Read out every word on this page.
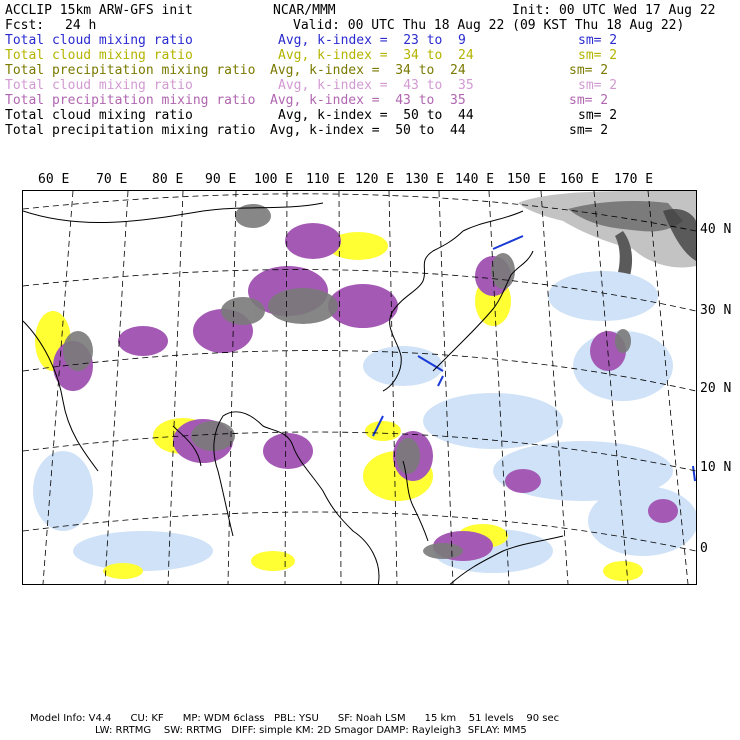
ACCLIP 15km ARW-GFS init	NCAR/MMM	Init: 00 UTC Wed 17 Aug 22
Fcst: 24 h	Valid: 00 UTC Thu 18 Aug 22 (09 KST Thu 18 Aug 22)
Total cloud mixing ratio	Avg, k-index =  23 to  9	sm= 2
Total cloud mixing ratio	Avg, k-index =  34 to  24	sm= 2
Total precipitation mixing ratio Avg, k-index =  34 to  24	sm= 2
Total cloud mixing ratio	Avg, k-index =  43 to  35	sm= 2
Total precipitation mixing ratio Avg, k-index =  43 to  35	sm= 2
Total cloud mixing ratio	Avg, k-index =  50 to  44	sm= 2
Total precipitation mixing ratio Avg, k-index =  50 to  44	sm= 2
60 E 70 E 80 E 90 E 100 E 110 E 120 E 130 E 140 E 150 E 160 E 170 E
40 N
30 N
20 N
10 N
0
Model Info: V4.4      CU: KF      MP: WDM 6class   PBL: YSU      SF: Noah LSM      15 km    51 levels    90 sec
LW: RRTMG    SW: RRTMG   DIFF: simple KM: 2D Smagor DAMP: Rayleigh3  SFLAY: MM5
